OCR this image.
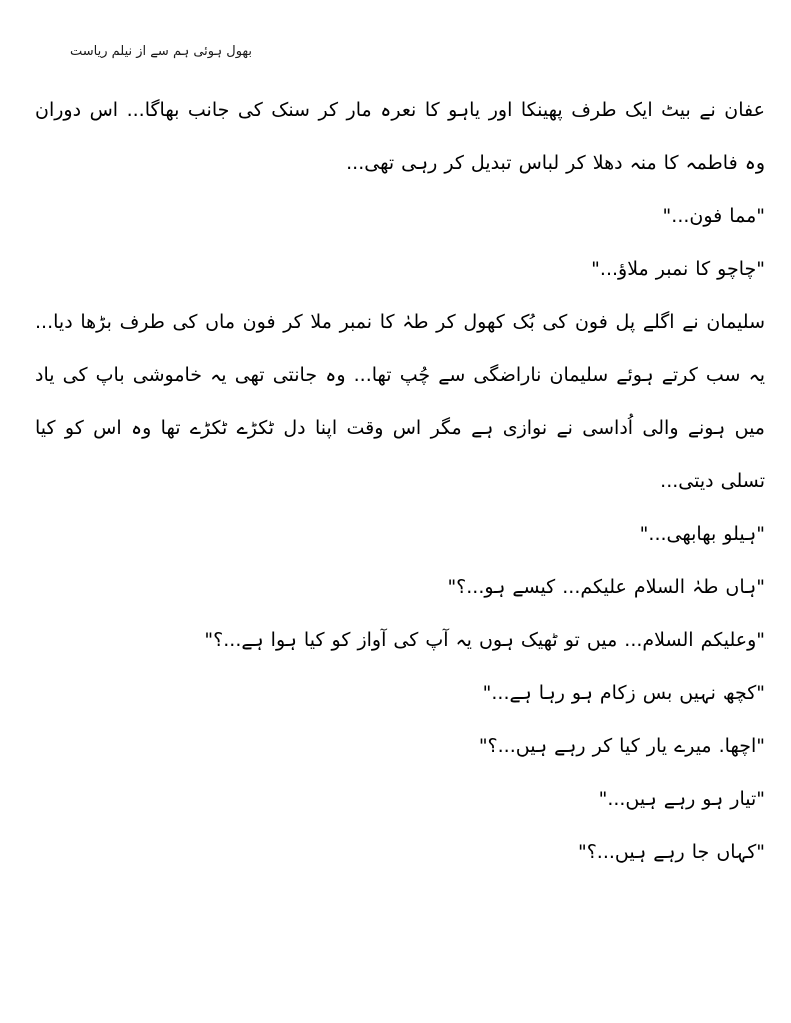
بھول ہوئی ہم سے از نیلم ریاست

عفان نے بیٹ ایک طرف پھینکا اور یاہو کا نعرہ مار کر سنک کی جانب بھاگا... اس دوران وہ فاطمہ کا منہ دھلا کر لباس تبدیل کر رہی تھی...

"مما فون..."

"چاچو کا نمبر ملاؤ..."

سلیمان نے اگلے پل فون کی بُک کھول کر طہٰ کا نمبر ملا کر فون ماں کی طرف بڑھا دیا... یہ سب کرتے ہوئے سلیمان ناراضگی سے چُپ تھا... وہ جانتی تھی یہ خاموشی باپ کی یاد میں ہونے والی اُداسی نے نوازی ہے مگر اس وقت اپنا دل ٹکڑے ٹکڑے تھا وہ اس کو کیا تسلی دیتی...

"ہیلو بھابھی..."

"ہاں طہٰ السلام علیکم... کیسے ہو...؟"

"وعلیکم السلام... میں تو ٹھیک ہوں یہ آپ کی آواز کو کیا ہوا ہے...؟"

"کچھ نہیں بس زکام ہو رہا ہے..."

"اچھا. میرے یار کیا کر رہے ہیں...؟"

"تیار ہو رہے ہیں..."

"کہاں جا رہے ہیں...؟"
